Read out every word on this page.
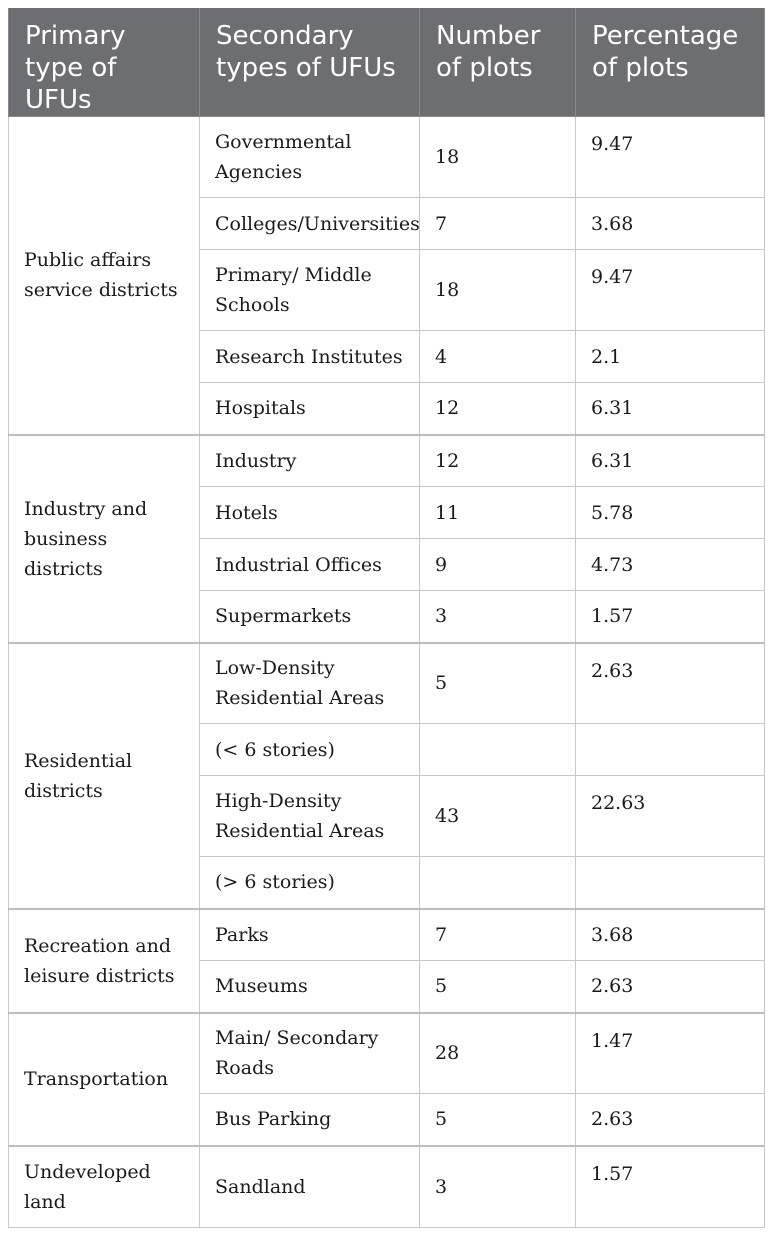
Primary type of UFUs	Secondary types of UFUs	Number of plots	Percentage of plots
Public affairs service districts	Governmental Agencies	18	9.47
	Colleges/Universities	7	3.68
	Primary/ Middle Schools	18	9.47
	Research Institutes	4	2.1
	Hospitals	12	6.31
Industry and business districts	Industry	12	6.31
	Hotels	11	5.78
	Industrial Offices	9	4.73
	Supermarkets	3	1.57
Residential districts	Low-Density Residential Areas	5	2.63
	(< 6 stories)		
	High-Density Residential Areas	43	22.63
	(> 6 stories)		
Recreation and leisure districts	Parks	7	3.68
	Museums	5	2.63
Transportation	Main/ Secondary Roads	28	1.47
	Bus Parking	5	2.63
Undeveloped land	Sandland	3	1.57
